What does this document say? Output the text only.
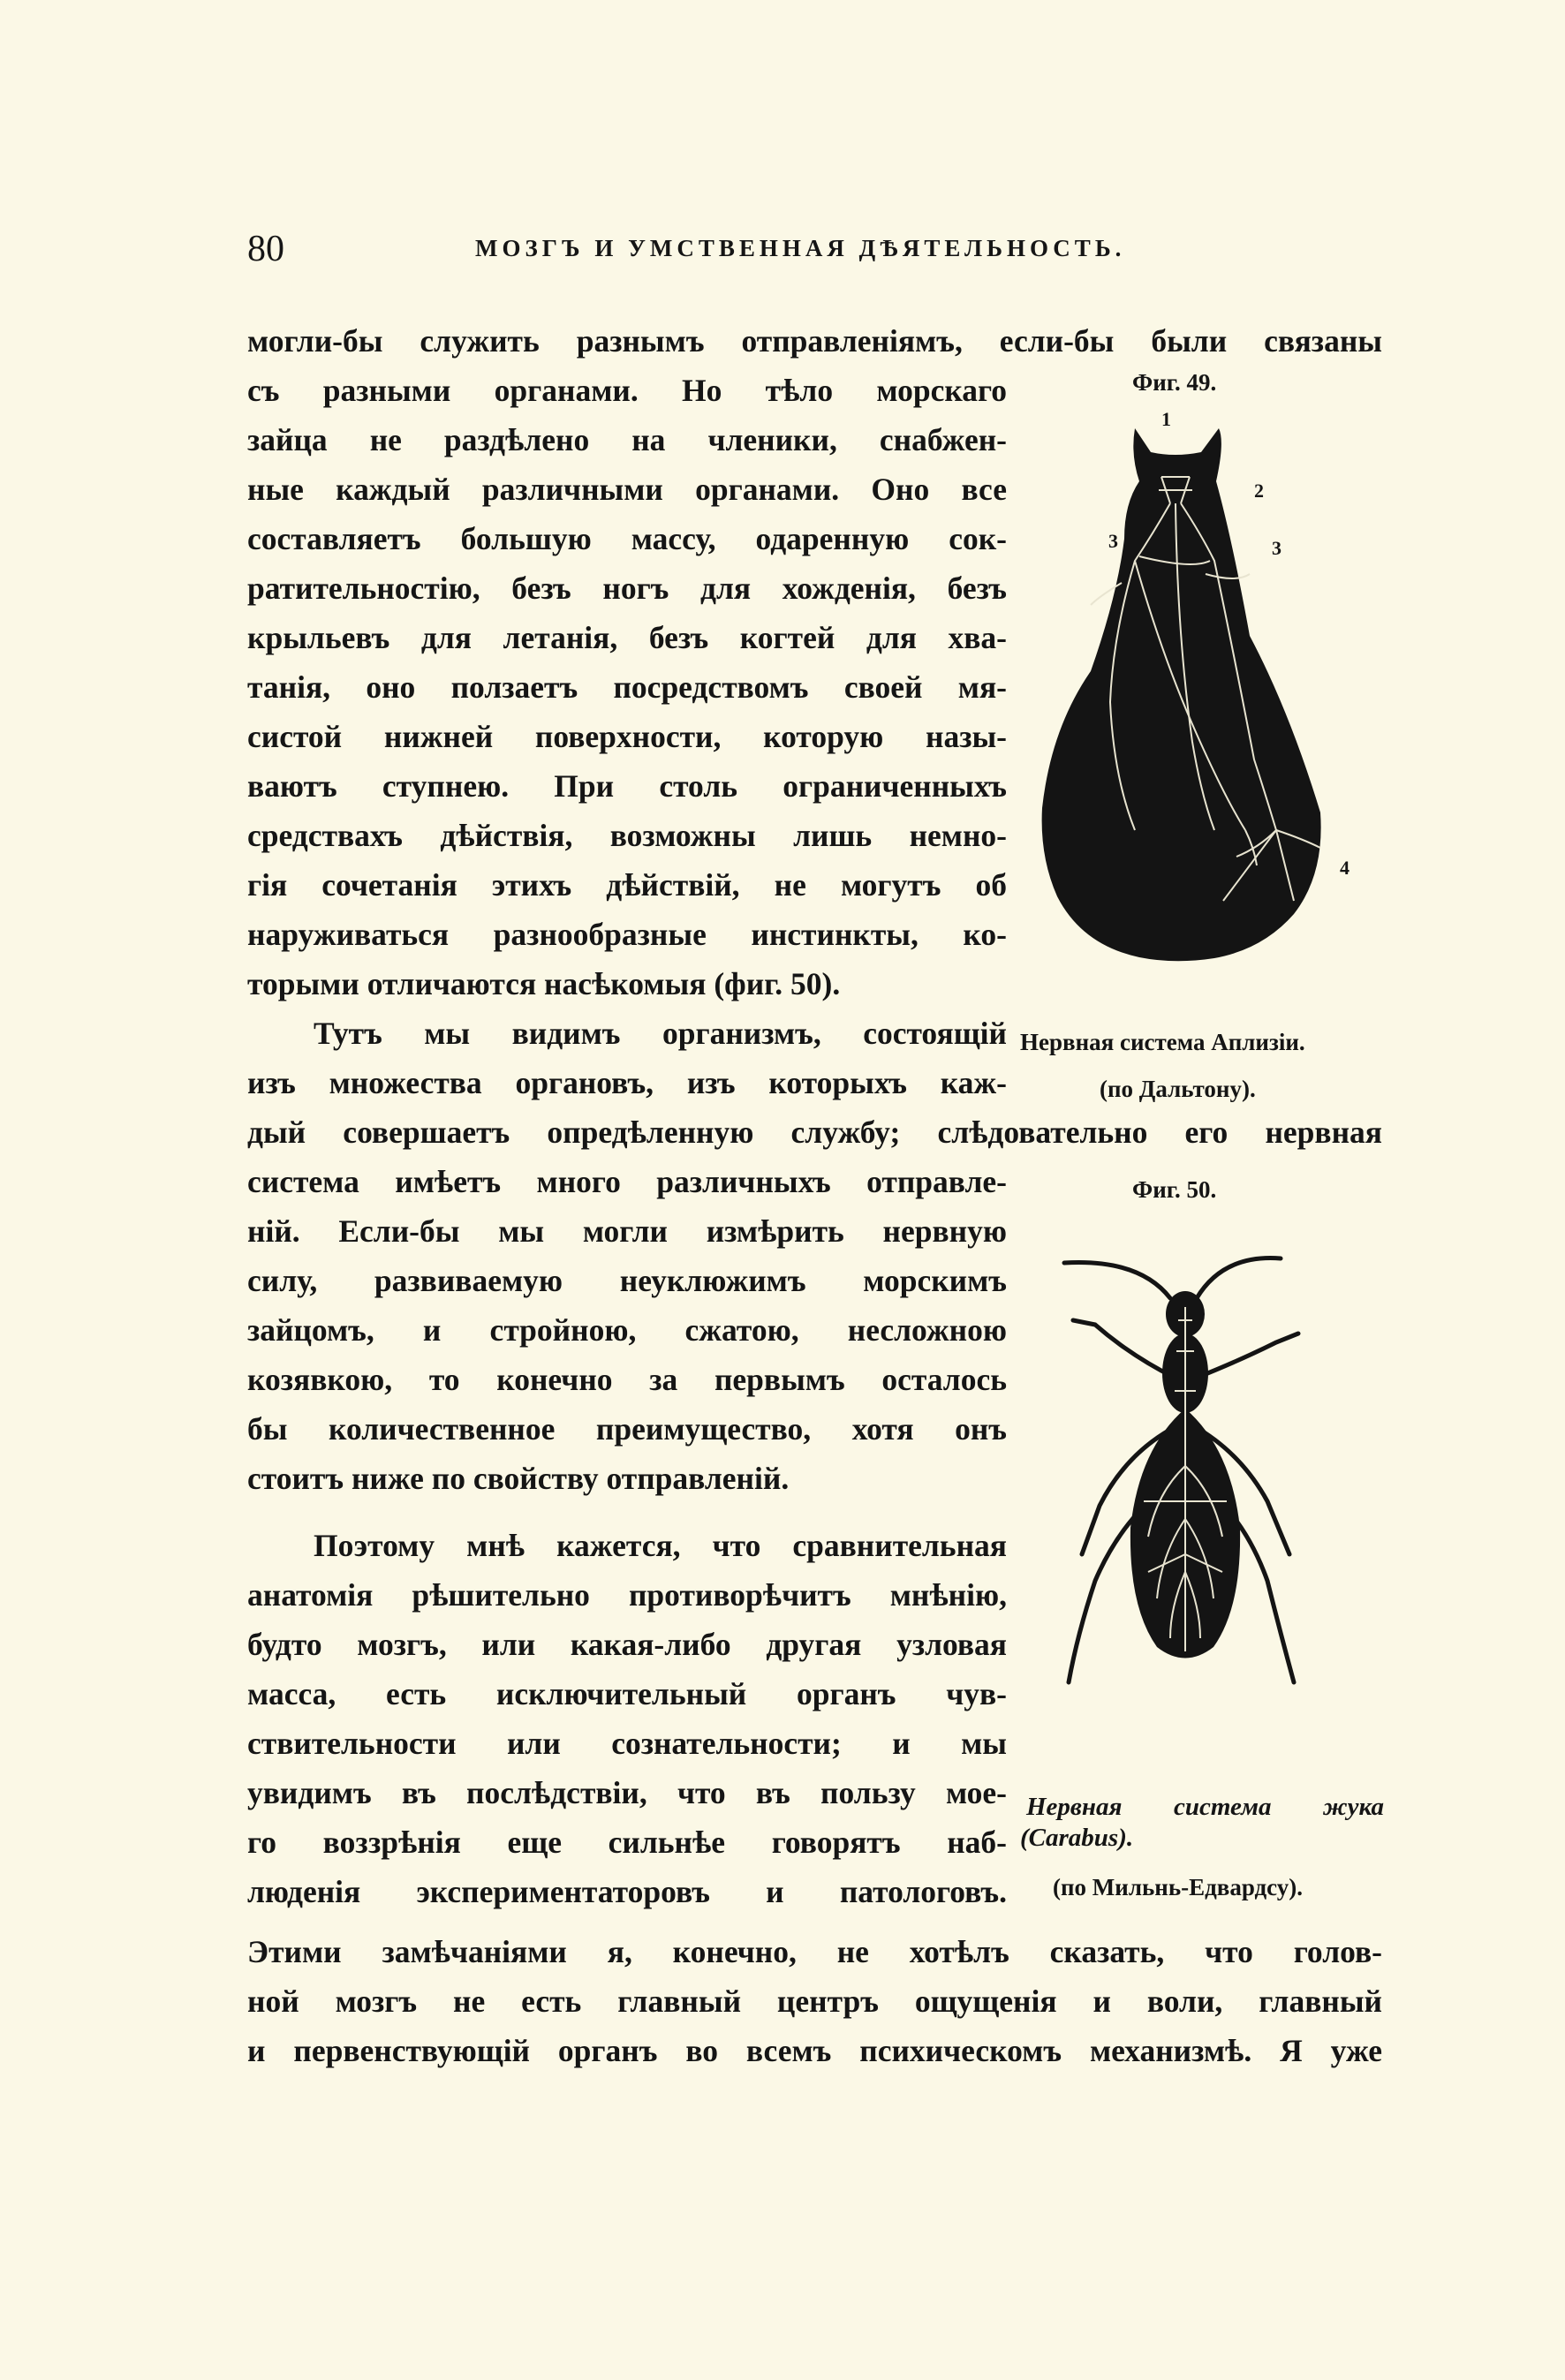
80	МОЗГЪ И УМСТВЕННАЯ ДѢЯТЕЛЬНОСТЬ.
могли-бы служить разнымъ отправленіямъ, если-бы были связаны
съ разными органами. Но тѣло морскаго
зайца не раздѣлено на членики, снабжен-
ные каждый различными органами. Оно все
составляетъ большую массу, одаренную сок-
ратительностію, безъ ногъ для хожденія, безъ
крыльевъ для летанія, безъ когтей для хва-
танія, оно ползаетъ посредствомъ своей мя-
систой нижней поверхности, которую назы-
ваютъ ступнею. При столь ограниченныхъ
средствахъ дѣйствія, возможны лишь немно-
гія сочетанія этихъ дѣйствій, не могутъ об
наруживаться разнообразные инстинкты, ко-
торыми отличаются насѣкомыя (фиг. 50).
Тутъ мы видимъ организмъ, состоящій
изъ множества органовъ, изъ которыхъ каж-
дый совершаетъ опредѣленную службу; слѣдовательно его нервная
система имѣетъ много различныхъ отправле-
ній. Если-бы мы могли измѣрить нервную
силу, развиваемую неуклюжимъ морскимъ
зайцомъ, и стройною, сжатою, несложною
козявкою, то конечно за первымъ осталось
бы количественное преимущество, хотя онъ
стоитъ ниже по свойству отправленій.
Поэтому мнѣ кажется, что сравнительная
анатомія рѣшительно противорѣчитъ мнѣнію,
будто мозгъ, или какая-либо другая узловая
масса, есть исключительный органъ чув-
ствительности или сознательности; и мы
увидимъ въ послѣдствіи, что въ пользу мое-
го воззрѣнія еще сильнѣе говорятъ наб-
люденія экспериментаторовъ и патологовъ.
Этими замѣчаніями я, конечно, не хотѣлъ сказать, что голов-
ной мозгъ не есть главный центръ ощущенія и воли, главный
и первенствующій органъ во всемъ психическомъ механизмѣ. Я уже
Фиг. 49.
1
2
3	3
4
Нервная система Аплизіи.
(по Дальтону).
Фиг. 50.
Нервная система жука
(Carabus).
(по Мильнь-Едвардсу).
